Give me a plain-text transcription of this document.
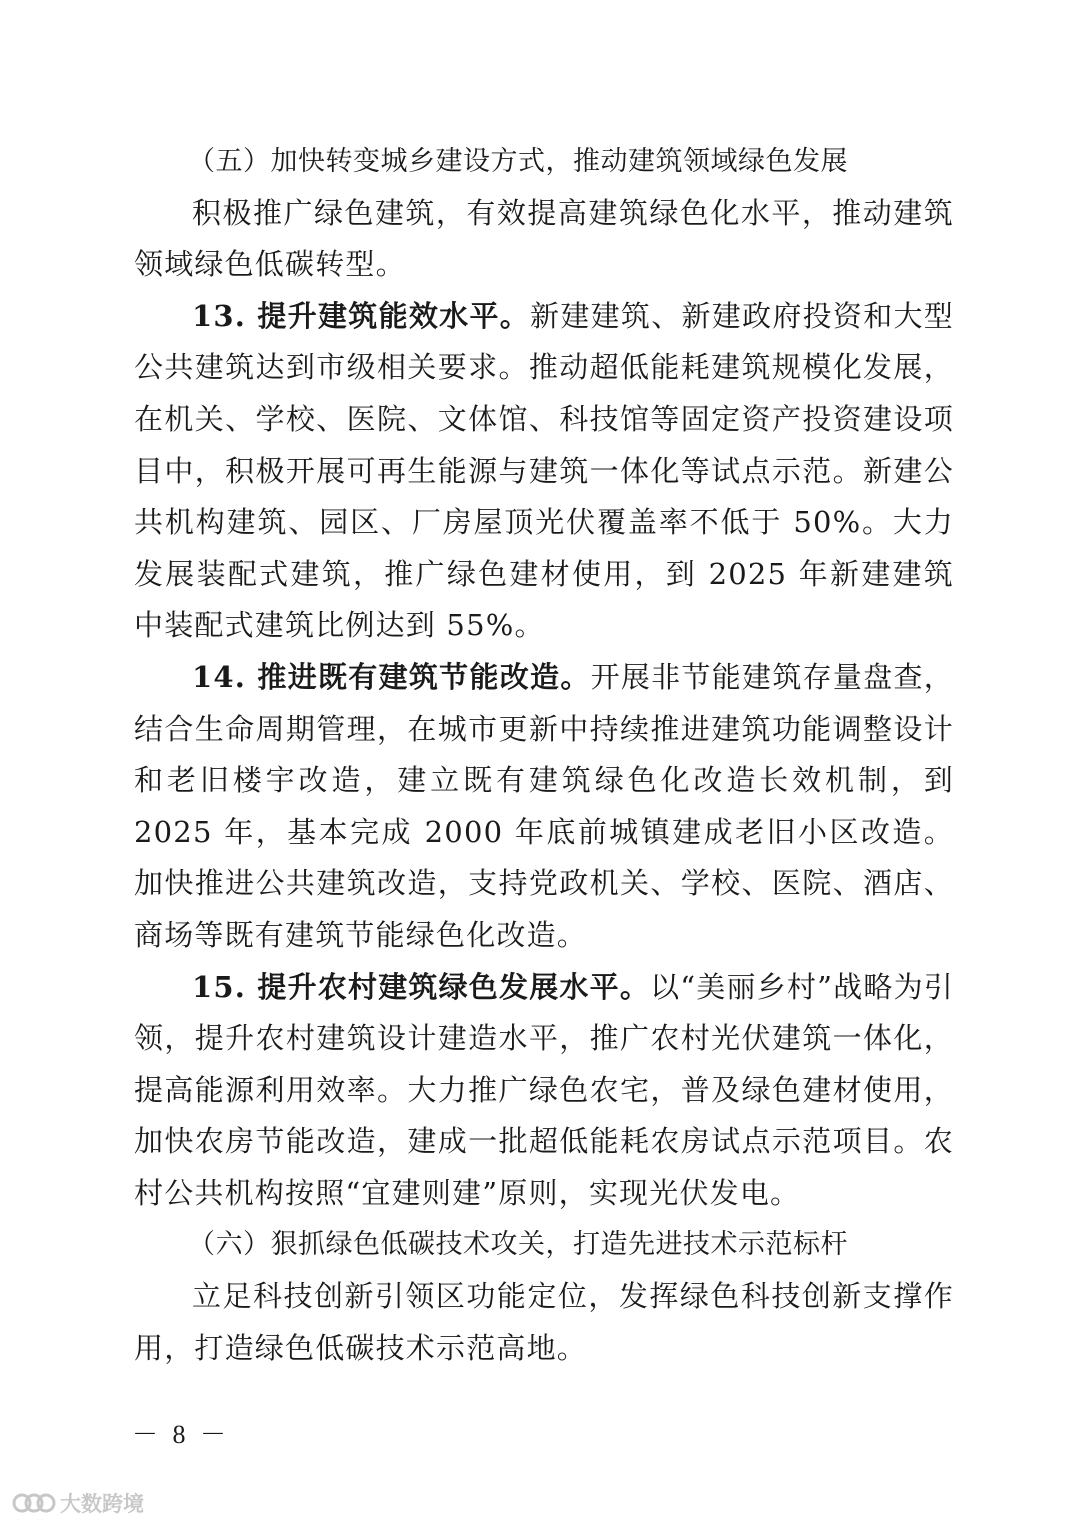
（五）加快转变城乡建设方式，推动建筑领域绿色发展

积极推广绿色建筑，有效提高建筑绿色化水平，推动建筑领域绿色低碳转型。

13. 提升建筑能效水平。新建建筑、新建政府投资和大型公共建筑达到市级相关要求。推动超低能耗建筑规模化发展，在机关、学校、医院、文体馆、科技馆等固定资产投资建设项目中，积极开展可再生能源与建筑一体化等试点示范。新建公共机构建筑、园区、厂房屋顶光伏覆盖率不低于 50%。大力发展装配式建筑，推广绿色建材使用，到 2025 年新建建筑中装配式建筑比例达到 55%。

14. 推进既有建筑节能改造。开展非节能建筑存量盘查，结合生命周期管理，在城市更新中持续推进建筑功能调整设计和老旧楼宇改造，建立既有建筑绿色化改造长效机制，到 2025 年，基本完成 2000 年底前城镇建成老旧小区改造。加快推进公共建筑改造，支持党政机关、学校、医院、酒店、商场等既有建筑节能绿色化改造。

15. 提升农村建筑绿色发展水平。以“美丽乡村”战略为引领，提升农村建筑设计建造水平，推广农村光伏建筑一体化，提高能源利用效率。大力推广绿色农宅，普及绿色建材使用，加快农房节能改造，建成一批超低能耗农房试点示范项目。农村公共机构按照“宜建则建”原则，实现光伏发电。

（六）狠抓绿色低碳技术攻关，打造先进技术示范标杆

立足科技创新引领区功能定位，发挥绿色科技创新支撑作用，打造绿色低碳技术示范高地。

－ 8 －
大数跨境
